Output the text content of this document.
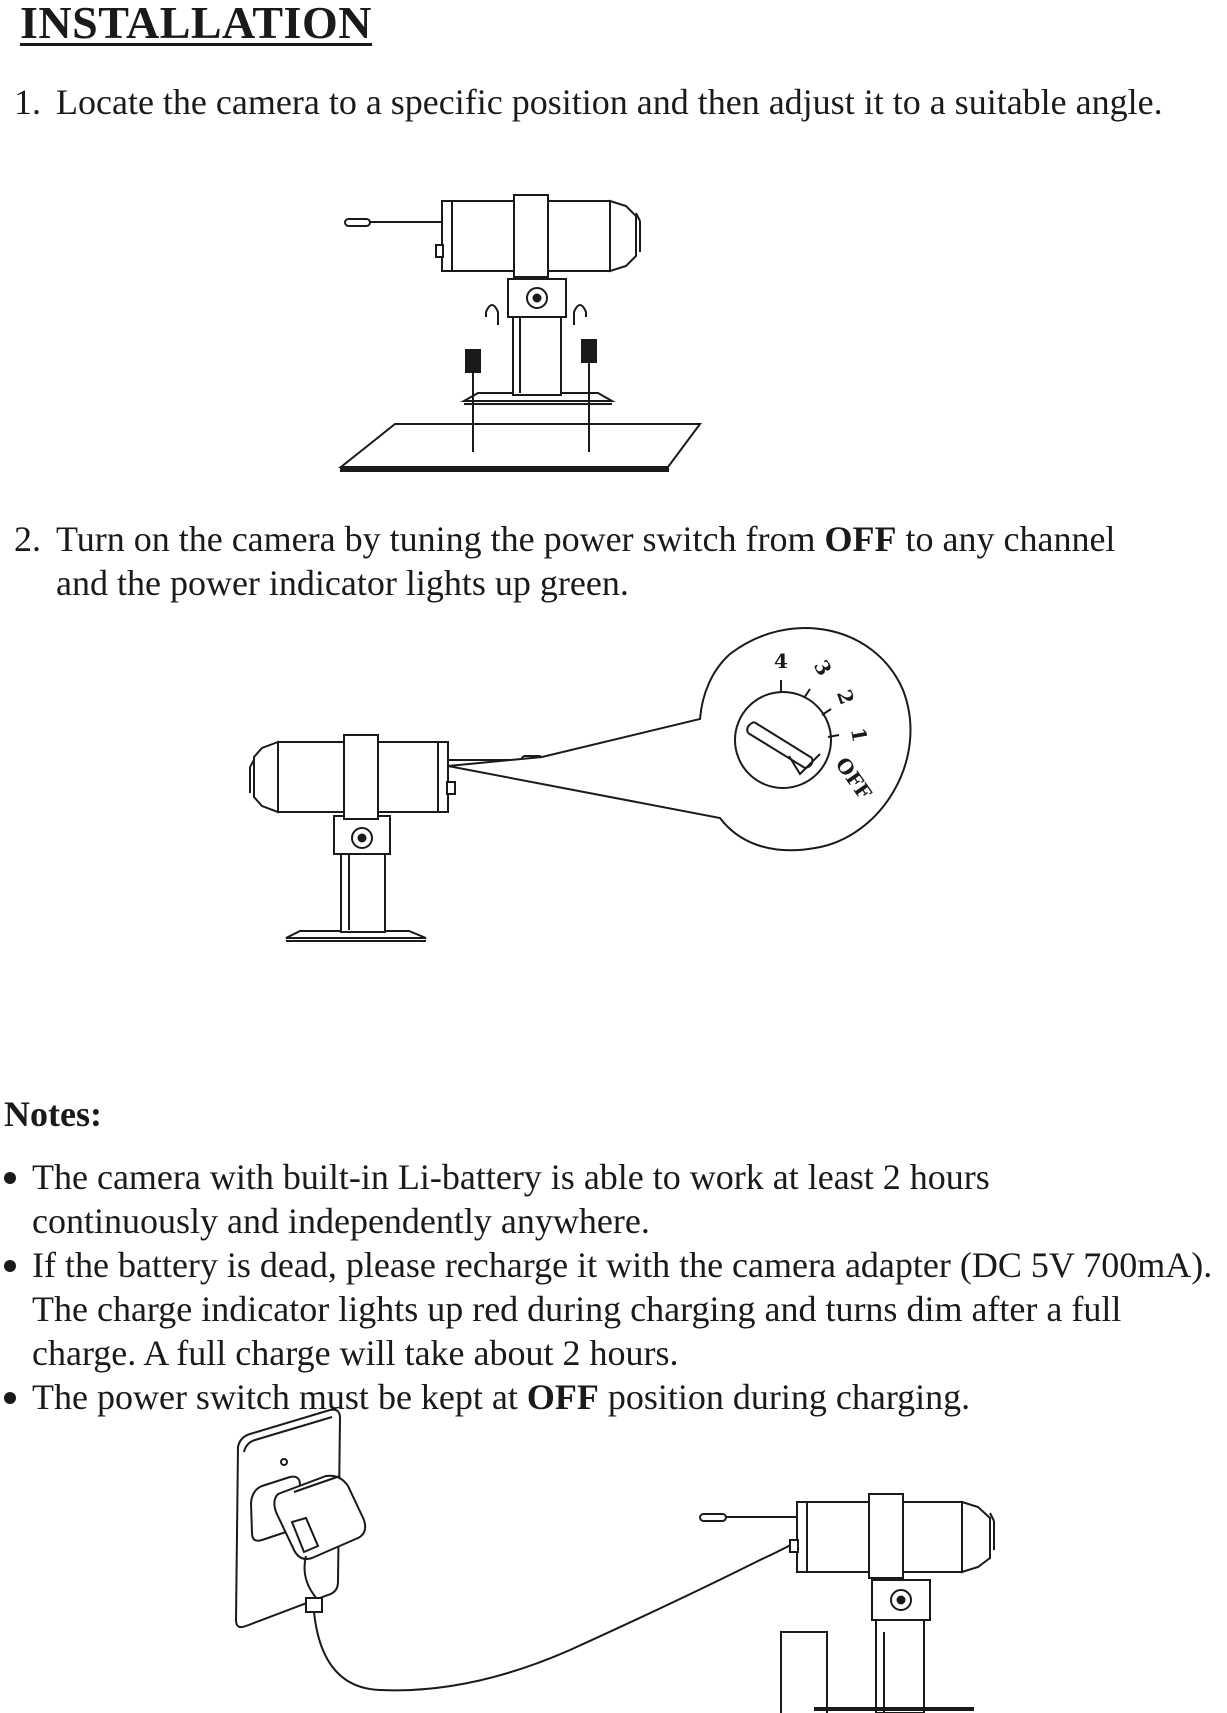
INSTALLATION

1. Locate the camera to a specific position and then adjust it to a suitable angle.

2. Turn on the camera by tuning the power switch from OFF to any channel and the power indicator lights up green.

4 3
2
1
OFF
Notes:
The camera with built-in Li-battery is able to work at least 2 hours continuously and independently anywhere.
If the battery is dead, please recharge it with the camera adapter (DC 5V 700mA). The charge indicator lights up red during charging and turns dim after a full charge. A full charge will take about 2 hours.
The power switch must be kept at OFF position during charging.
